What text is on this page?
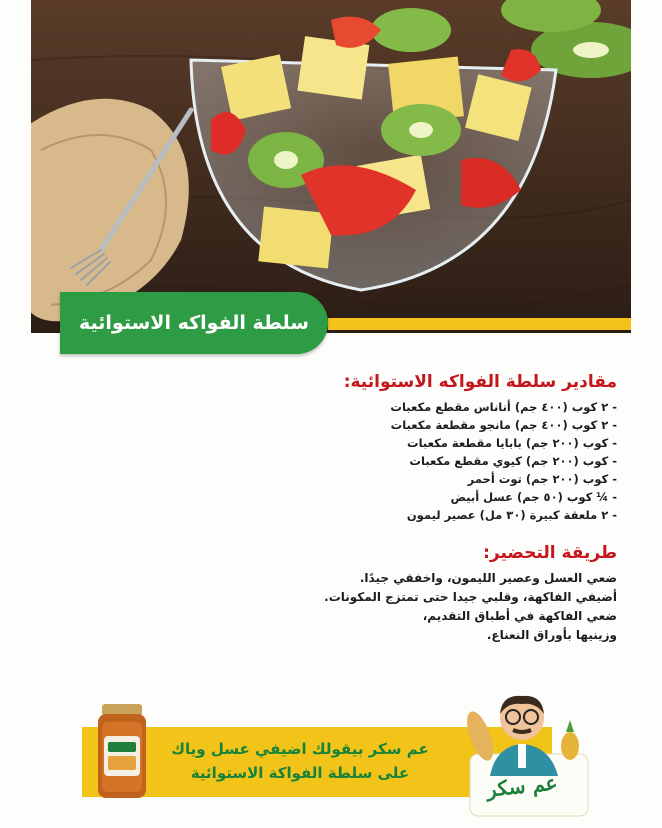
سلطة الفواكه الاستوائية
مقادير سلطة الفواكه الاستوائية:
- ٢ كوب (٤٠٠ جم) أناناس مقطع مكعبات
- ٢ كوب (٤٠٠ جم) مانجو مقطعة مكعبات
- كوب (٢٠٠ جم) بابايا مقطعة مكعبات
- كوب (٢٠٠ جم) كيوي مقطع مكعبات
- كوب (٢٠٠ جم) توت أحمر
- ¼ كوب (٥٠ جم) عسل أبيض
- ٢ ملعقة كبيرة (٣٠ مل) عصير ليمون
طريقة التحضير:

ضعي العسل وعصير الليمون، واخفقي جيدًا.

أضيفي الفاكهة، وقلبي جيدا حتى تمتزج المكونات.

ضعي الفاكهة في أطباق التقديم،

وزينيها بأوراق النعناع.

عم سكر بيقولك اضيفي عسل وياك
على سلطة الفواكة الاستوائية	عم سكر
